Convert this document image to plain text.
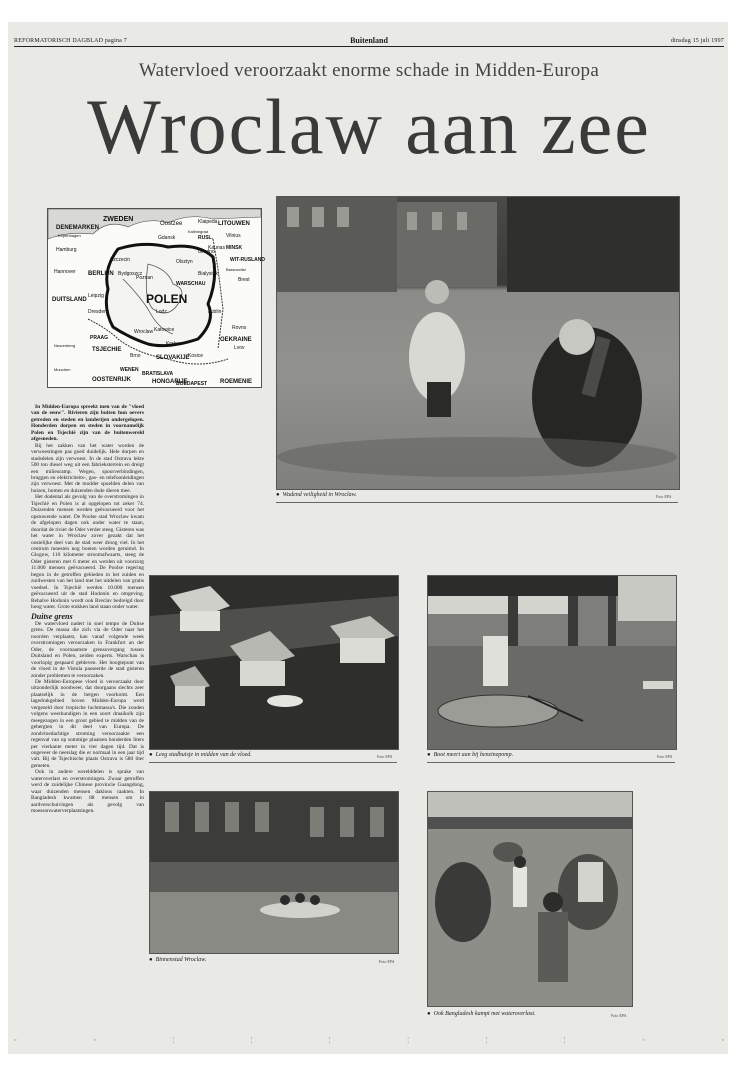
REFORMATORISCH DAGBLAD pagina 7	Buitenland	dinsdag 15 juli 1997
Watervloed veroorzaakt enorme schade in Midden-Europa
Wroclaw aan zee
ZWEDEN
Oostzee	Klaipeda LITOUWEN
Vilnius
RUSL.
Kaliningrad
Kaunas
Grodno
DENEMARKEN
Kopenhagen	Gdansk
MINSK
WIT-RUSLAND
Hamburg
Szczecin	Olsztyn
Baranovitsi
Hannover BERLIJN Bydgoszcz	Bialystok
Brest
Poznan
WARSCHAU
POLEN
DUITSLAND
Leipzig
Lodz	Lublin
Dresden
Rovno
Wroclaw
Lvov
OEKRAINE
PRAAG
Katowice
Krakow
TSJECHIE
Neurenberg
Brno	SLOVAKIJE
Kosice
Munchen	WENEN
BRATISLAVA
OOSTENRIJK	HONGARIJE
BOEDAPEST ROEMENIE

In Midden-Europa spreekt men van de "vloed van de eeuw". Rivieren zijn buiten hun oevers getreden en steden en landerijen ondergelopen. Honderden dorpen en steden in voornamelijk Polen en Tsjechië zijn van de buitenwereld afgesneden.

Bij het zakken van het water worden de verwoestingen pas goed duidelijk. Hele dorpen en stadsdelen zijn verwoest. In de stad Ostrava lekte 500 ton diesel weg uit een fabrieksterrein en dreigt een milieuramp. Wegen, spoorverbindingen, bruggen en elektriciteits-, gas- en telefoonleidingen zijn verwoest. Met de modder spoelden delen van huizen, bomen en duizenden dode dieren mee.

Het dodental als gevolg van de overstromingen in Tsjechië en Polen is al opgelopen tot zeker 74. Duizenden mensen werden geëvacueerd voor het opstuwende water. De Poolse stad Wroclaw kwam de afgelopen dagen ook onder water te staan, doordat de rivier de Oder verder steeg. Gisteren was het water in Wroclaw zover gezakt dat het oostelijke deel van de stad weer droog viel. In het centrum moesten nog boeien worden geruimd. In Glogow, 110 kilometer stroomafwaarts, steeg de Oder gisteren met 6 meter en werden uit voorzorg 11.000 mensen geëvacueerd. De Poolse regering begon in de getroffen gebieden in het zuiden en zuidwesten van het land met het uitdelen van gratis voedsel. In Tsjechië werden 10.000 mensen geëvacueerd uit de stad Hodonin en omgeving. Behalve Hodonin wordt ook Breclav bedreigd door hoog water. Grote stukken land staan onder water.

Duitse grens

De watervloed nadert in snel tempo de Duitse grens. De massa die zich via de Oder naar het noorden verplaatst, kan vanaf volgende week overstromingen veroorzaken in Frankfurt an der Oder, de voornaamste grensovergang tussen Duitsland en Polen, zeiden experts. Warschau is voorlopig gespaard gebleven. Het hoogtepunt van de vloed in de Vistula passeerde de stad gisteren zonder problemen te veroorzaken.

De Midden-Europese vloed is veroorzaakt door uitzonderlijk noodweer, dat doorgaans slechts zeer plaatselijk in de bergen voorkomt. Een lagedrukgebied boven Midden-Europa werd vergezeld door tropische luchtmassa's. Die zouden volgens weerkundigen in een soort draaikolk zijn meegezogen in een groot gebied te midden van de gebergten in dit deel van Europa. De zondvloedachtige stroming veroorzaakte een regenval van op sommige plaatsen honderden liters per vierkante meter in vier dagen tijd. Dat is ongeveer de neerslag die er normaal in een jaar tijd valt. Bij de Tsjechische plaats Ostrava is 580 liter gemeten.

Ook in andere werelddelen is sprake van wateroverlast en overstromingen. Zwaar getroffen werd de zuidelijke Chinese provincie Guangdong, waar duizenden mensen dakloos raakten. In Bangladesh kwamen 88 mensen om in aardverschuivingen als gevolg van moessonwaterverplaatsingen.

● Wadend veiligheid in Wroclaw.	Foto EPA
● Leeg stadhuisje in midden van de vloed.	Foto EPA	● Boot meert aan bij benzinepomp.	Foto EPA
● Binnenstad Wroclaw.	Foto EPA
● Ook Bangladesh kampt met wateroverlast.	Foto EPA
◦	◦	¦	¦	¦	¦	¦	¦	◦	◦
